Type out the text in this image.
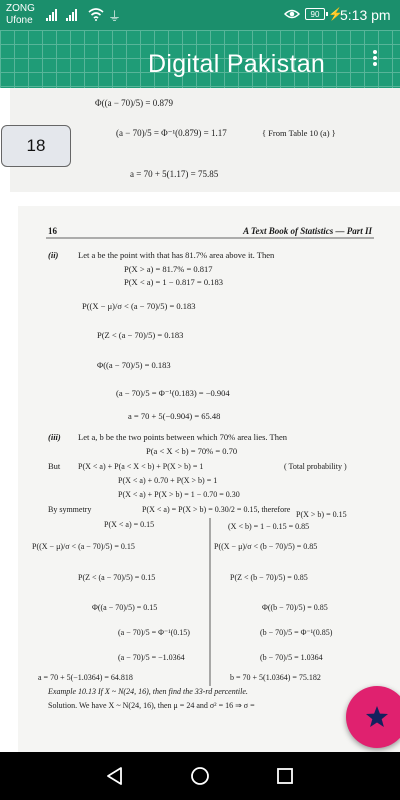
ZONG
Ufone	⏚	90 ⚡
5:13 pm
Digital Pakistan
Φ((a − 70)/5) = 0.879
(a − 70)/5 = Φ⁻¹(0.879) = 1.17	{ From Table 10 (a) }
a = 70 + 5(1.17) = 75.85
16	A Text Book of Statistics — Part II
(ii) Let a be the point with that has 81.7% area above it. Then
P(X > a) = 81.7% = 0.817
P(X < a) = 1 − 0.817 = 0.183
P((X − μ)/σ < (a − 70)/5) = 0.183
P(Z < (a − 70)/5) = 0.183
Φ((a − 70)/5) = 0.183
(a − 70)/5 = Φ⁻¹(0.183) = −0.904
a = 70 + 5(−0.904) = 65.48
(iii) Let a, b be the two points between which 70% area lies. Then
P(a < X < b) = 70% = 0.70
But P(X < a) + P(a < X < b) + P(X > b) = 1	( Total probability )
P(X < a) + 0.70 + P(X > b) = 1
P(X < a) + P(X > b) = 1 − 0.70 = 0.30
By symmetry	P(X < a) = P(X > b) = 0.30/2 = 0.15, therefore
P(X < a) = 0.15
P((X − μ)/σ < (a − 70)/5) = 0.15
P(Z < (a − 70)/5) = 0.15
Φ((a − 70)/5) = 0.15
(a − 70)/5 = Φ⁻¹(0.15)
(a − 70)/5 = −1.0364
a = 70 + 5(−1.0364) = 64.818
P(X > b) = 0.15
(X < b) = 1 − 0.15 = 0.85
P((X − μ)/σ < (b − 70)/5) = 0.85
P(Z < (b − 70)/5) = 0.85
Φ((b − 70)/5) = 0.85
(b − 70)/5 = Φ⁻¹(0.85)
(b − 70)/5 = 1.0364
b = 70 + 5(1.0364) = 75.182
Example 10.13 If X ~ N(24, 16), then find the 33-rd percentile.
Solution. We have X ~ N(24, 16), then μ = 24 and σ² = 16 ⇒ σ =
18
